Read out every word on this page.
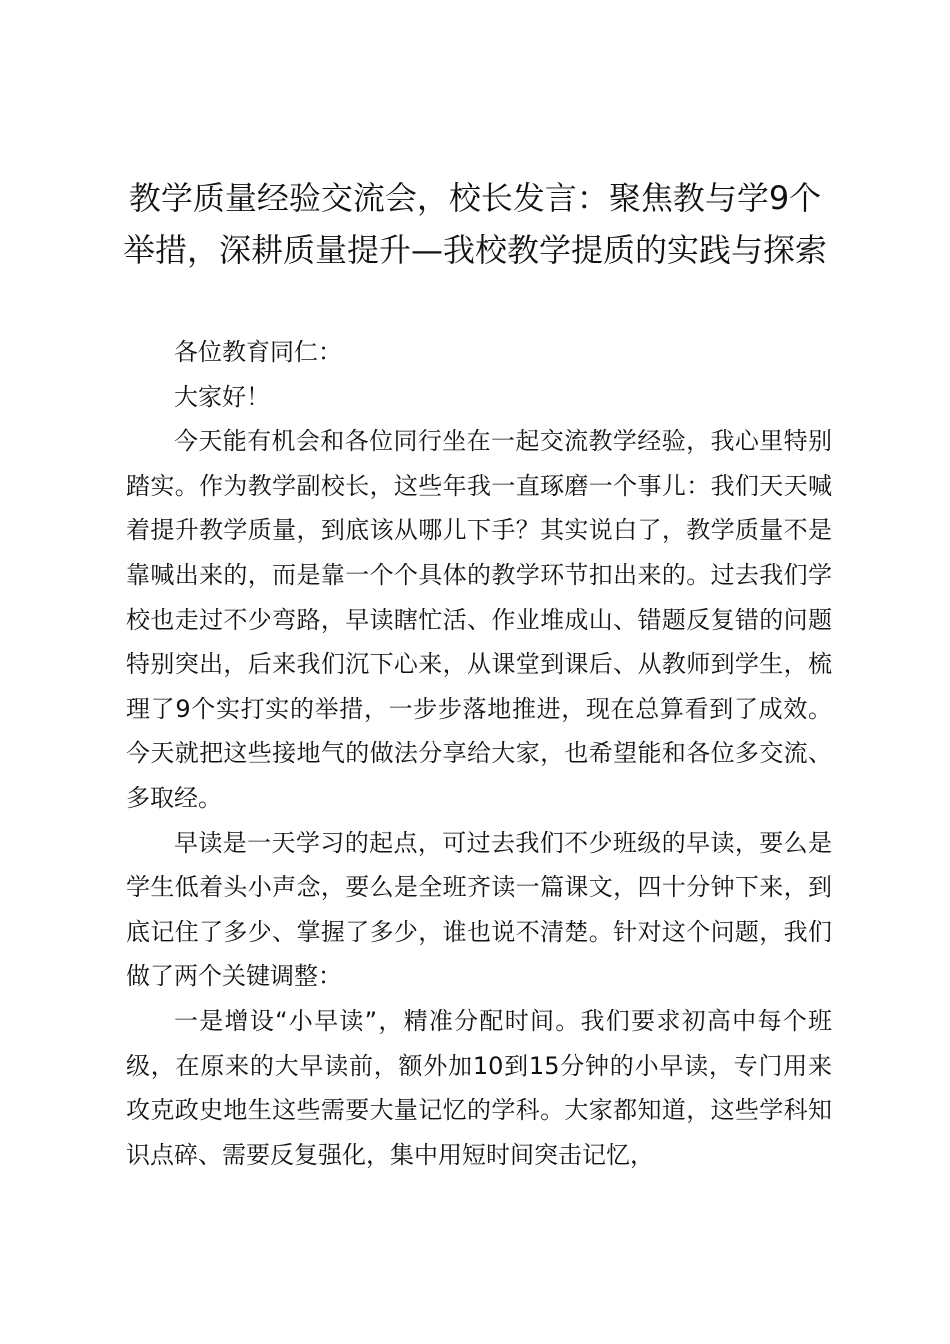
教学质量经验交流会，校长发言：聚焦教与学9个举措，深耕质量提升—我校教学提质的实践与探索

各位教育同仁：

大家好！

今天能有机会和各位同行坐在一起交流教学经验，我心里特别踏实。作为教学副校长，这些年我一直琢磨一个事儿：我们天天喊着提升教学质量，到底该从哪儿下手？其实说白了，教学质量不是靠喊出来的，而是靠一个个具体的教学环节扣出来的。过去我们学校也走过不少弯路，早读瞎忙活、作业堆成山、错题反复错的问题特别突出，后来我们沉下心来，从课堂到课后、从教师到学生，梳理了9个实打实的举措，一步步落地推进，现在总算看到了成效。今天就把这些接地气的做法分享给大家，也希望能和各位多交流、多取经。

早读是一天学习的起点，可过去我们不少班级的早读，要么是学生低着头小声念，要么是全班齐读一篇课文，四十分钟下来，到底记住了多少、掌握了多少，谁也说不清楚。针对这个问题，我们做了两个关键调整：

一是增设“小早读”，精准分配时间。我们要求初高中每个班级，在原来的大早读前，额外加10到15分钟的小早读，专门用来攻克政史地生这些需要大量记忆的学科。大家都知道，这些学科知识点碎、需要反复强化，集中用短时间突击记忆，
